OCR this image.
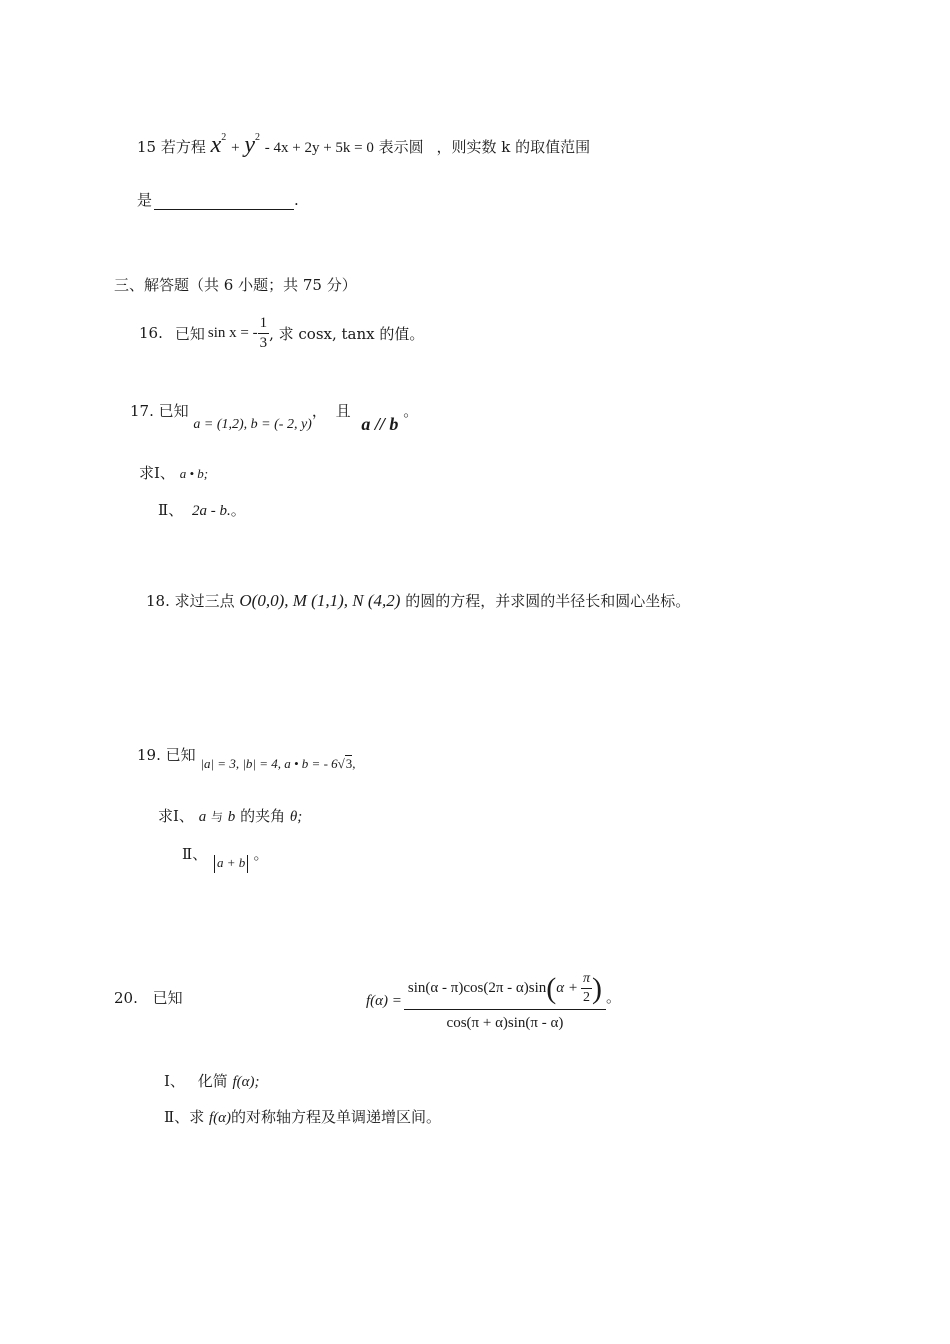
15 若方程 $x^2 + y^2 - 4x + 2y + 5k = 0$ 表示圆 ，则实数 k 的取值范围
是	.
三、解答题（共 6 小题；共 75 分）
16. 已知 sin x = - $\frac{1}{3}$ , 求 cosx, tanx 的值。
17. 已知 a = (1,2), b = (- 2, y)， 且 a // b 。
求Ⅰ、 a • b;
Ⅱ、 2a - b.。
18. 求过三点 O(0,0), M (1,1), N (4,2) 的圆的方程，并求圆的半径长和圆心坐标。
19. 已知 |a| = 3, |b| = 4, a • b = - 6√3,
求Ⅰ、 a 与 b 的夹角 θ;
Ⅱ、 a + b 。
20. 已知	f(α) =
sin(α - π)cos(2π - α)sin ( $\alpha + \frac{\pi}{2}$ )
cos(π + α)sin(π - α)
。
Ⅰ、 化简 f(α);
Ⅱ、求 f(α)的对称轴方程及单调递增区间。
